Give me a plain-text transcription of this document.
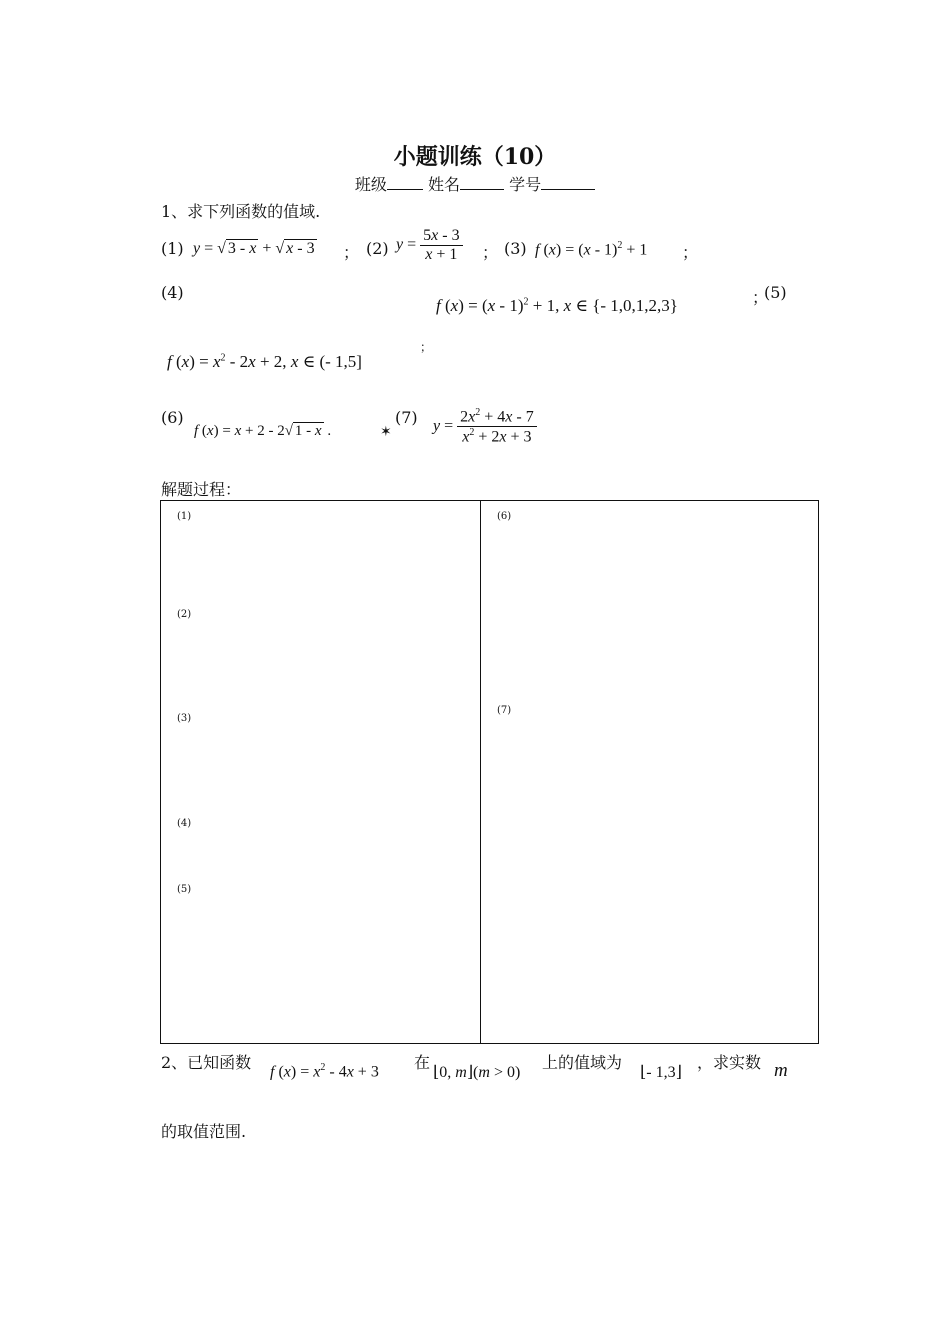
小题训练（10）
班级	姓名	学号
1、求下列函数的值域.
(1) y = √ 3 - x + √ x - 3 ； (2) $y = \frac{5x - 3}{x + 1}$ ； (3) f (x) = (x - 1)$^2$ + 1 ；
(4)
f (x) = (x - 1)$^2$ + 1, x ∈ {- 1,0,1,2,3}	；
(5)
f $(x) = x^2 - 2x + 2$, x ∈ (- 1,5]
；
(6)
f (x) = x + 2 - 2√ 1 - x .	✶
(7) $y = \frac{2x^2 + 4x - 7}{x^2 + 2x + 3}$
解题过程：
(1)
(2)
(3)
(4)
(5)
(6)
(7)
2、已知函数 f $(x) = x^2 - 4x + 3$ 在
⌊0, m⌋(m > 0)
上的值域为
⌊- 1,3⌋
，求实数 m
的取值范围.
